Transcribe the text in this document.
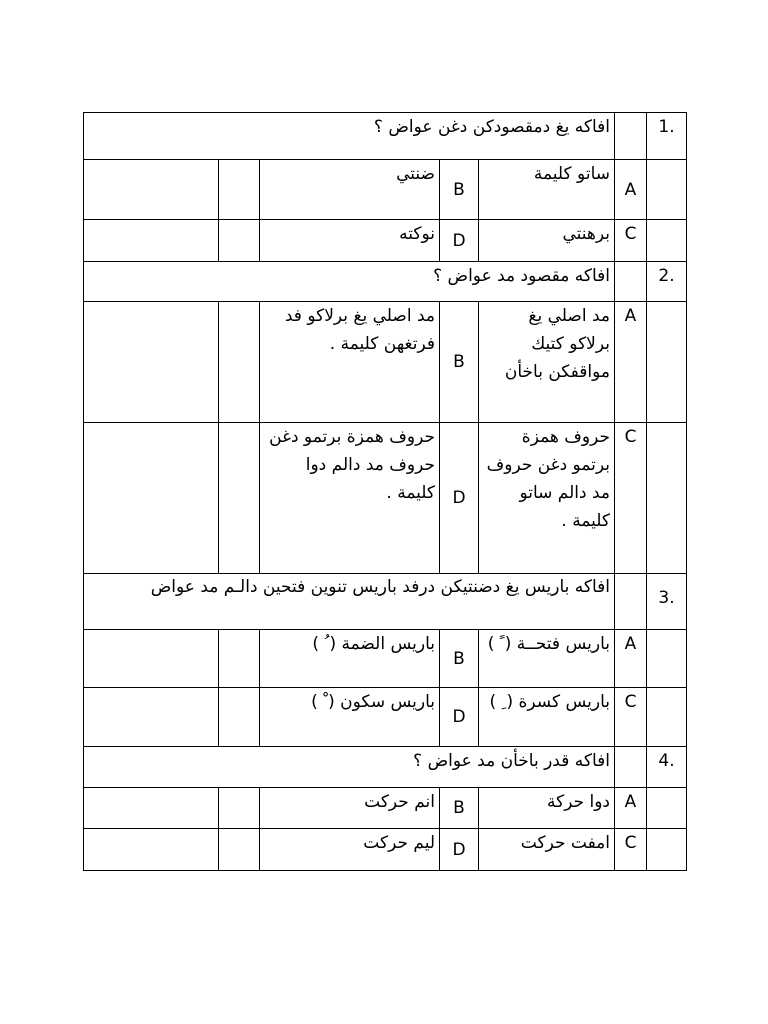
افاكه يغ دمقصودكن دغن عواض ؟						1.
		ضنتي	B	ساتو كليمة	A	
		نوكته	D	برهنتي	C	
افاكه مقصود مد عواض ؟						2.
		مد اصلي يغ برلاكو فد فرتغهن كليمة .	B	مد اصلي يغ برلاكو كتيك مواقفكن باخأن	A	
		حروف همزة برتمو دغن حروف مد دالم دوا كليمة .	D	حروف همزة برتمو دغن حروف مد دالم ساتو كليمة .	C	
افاكه باريس يغ دضنتيكن درفد باريس تنوين فتحين دالـم مد عواض						3.
		باريس الضمة ( ُ )	B	باريس فتحــة ( ً )	A	
		باريس سكون ( ْ )	D	باريس كسرة ( ِ )	C	
افاكه قدر باخأن مد عواض ؟						4.
		انم حركت	B	دوا حركة	A	
		ليم حركت	D	امفت حركت	C	
